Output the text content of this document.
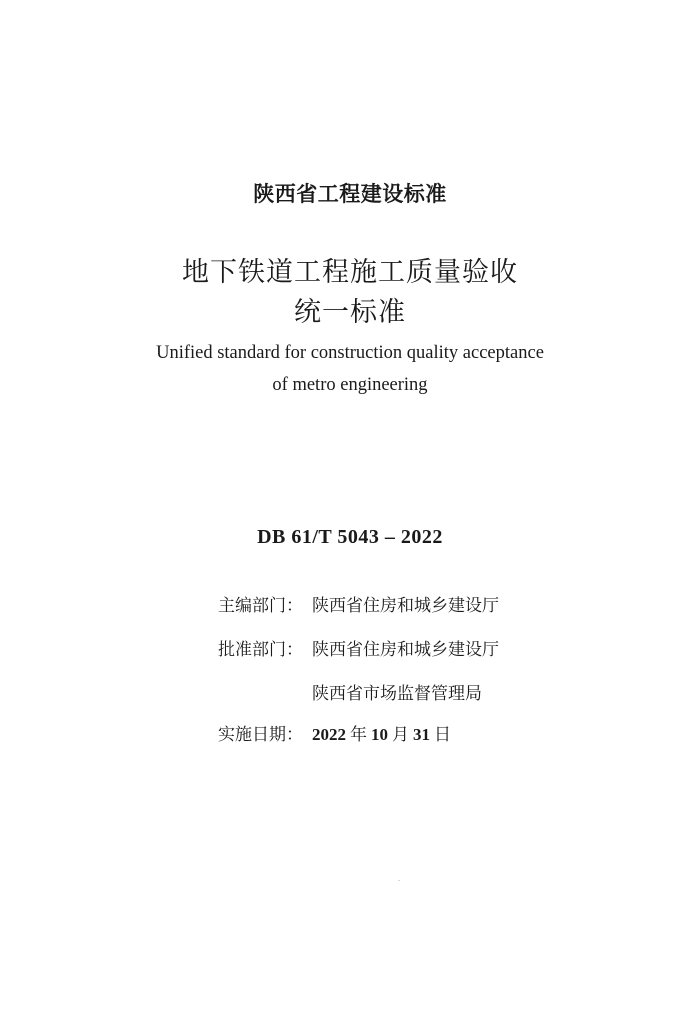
陕西省工程建设标准
地下铁道工程施工质量验收
统一标准
Unified standard for construction quality acceptance
of metro engineering
DB 61/T 5043 – 2022
主编部门： 陕西省住房和城乡建设厅
批准部门： 陕西省住房和城乡建设厅
陕西省市场监督管理局
实施日期： 2022 年 10 月 31 日
